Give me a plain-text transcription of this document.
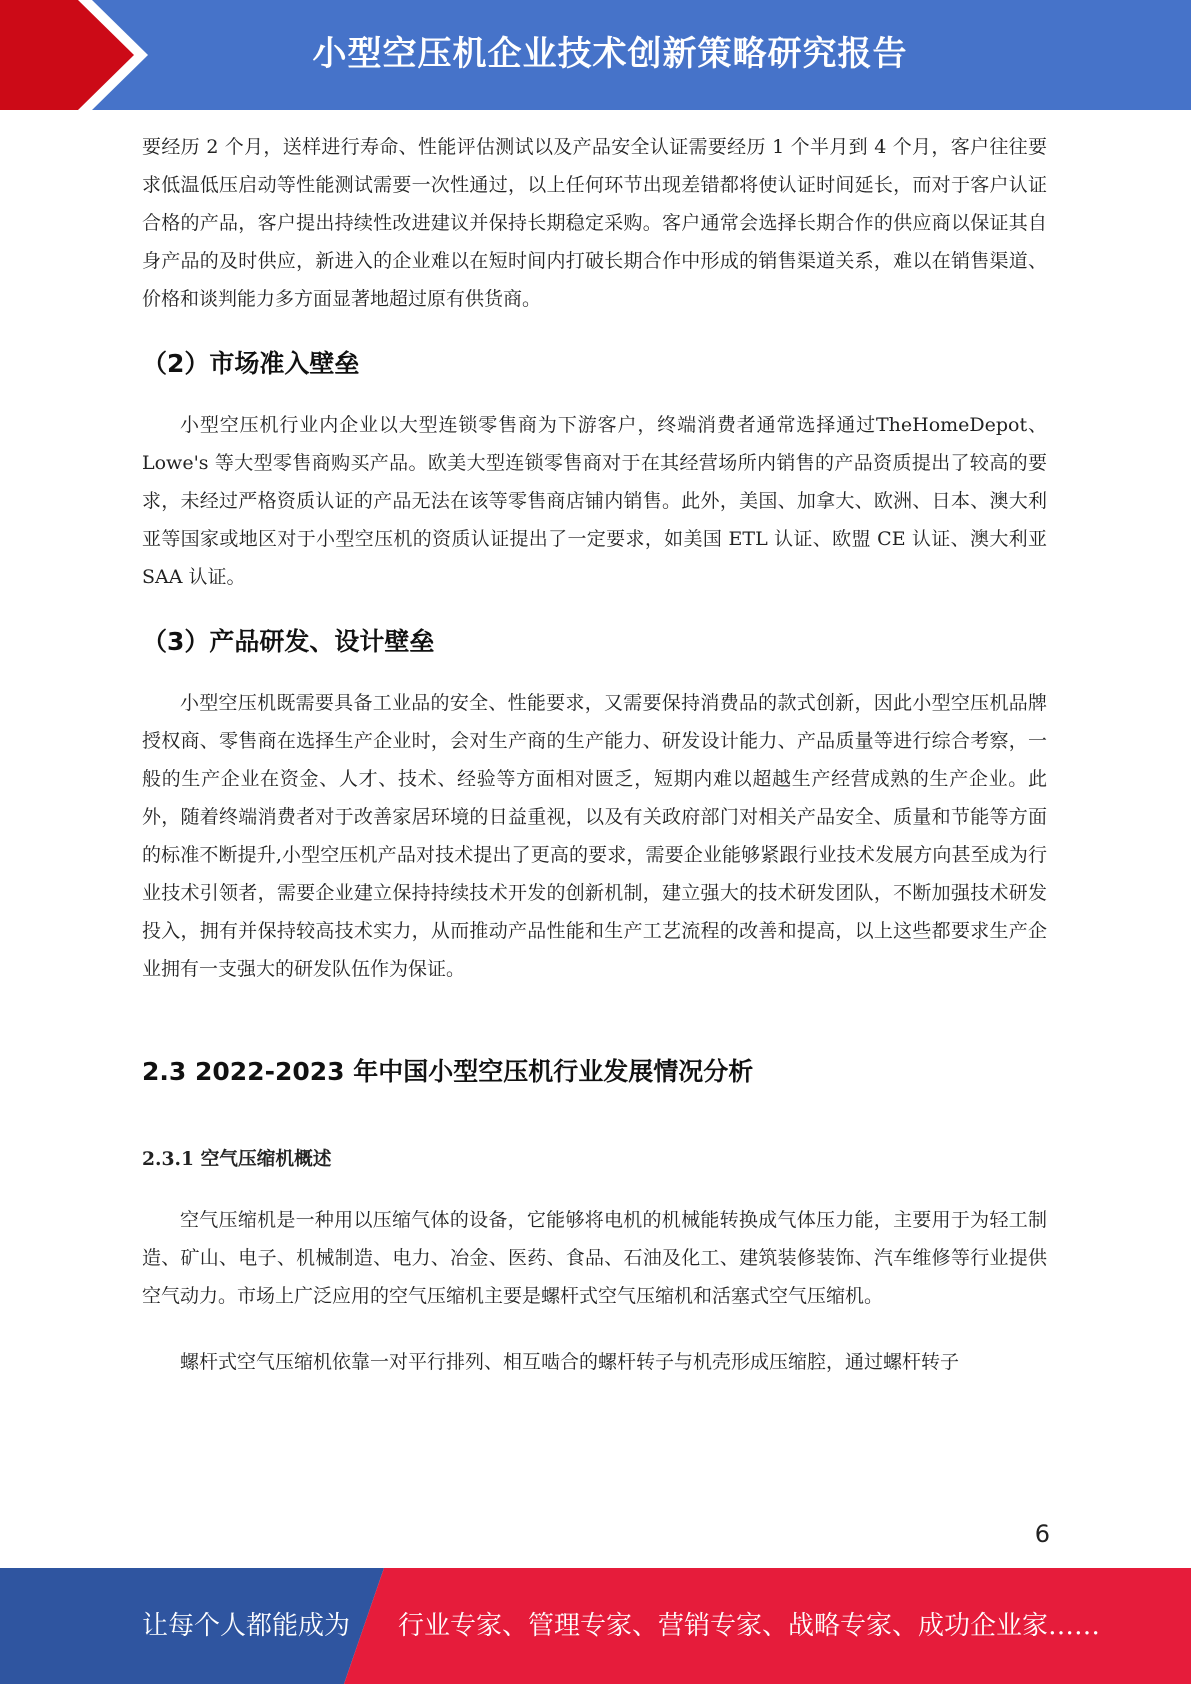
小型空压机企业技术创新策略研究报告

要经历 2 个月，送样进行寿命、性能评估测试以及产品安全认证需要经历 1 个半月到 4 个月，客户往往要求低温低压启动等性能测试需要一次性通过，以上任何环节出现差错都将使认证时间延长，而对于客户认证合格的产品，客户提出持续性改进建议并保持长期稳定采购。客户通常会选择长期合作的供应商以保证其自身产品的及时供应，新进入的企业难以在短时间内打破长期合作中形成的销售渠道关系，难以在销售渠道、价格和谈判能力多方面显著地超过原有供货商。

（2）市场准入壁垒

小型空压机行业内企业以大型连锁零售商为下游客户，终端消费者通常选择通过TheHomeDepot、Lowe's 等大型零售商购买产品。欧美大型连锁零售商对于在其经营场所内销售的产品资质提出了较高的要求，未经过严格资质认证的产品无法在该等零售商店铺内销售。此外，美国、加拿大、欧洲、日本、澳大利亚等国家或地区对于小型空压机的资质认证提出了一定要求，如美国 ETL 认证、欧盟 CE 认证、澳大利亚 SAA 认证。

（3）产品研发、设计壁垒

小型空压机既需要具备工业品的安全、性能要求，又需要保持消费品的款式创新，因此小型空压机品牌授权商、零售商在选择生产企业时，会对生产商的生产能力、研发设计能力、产品质量等进行综合考察，一般的生产企业在资金、人才、技术、经验等方面相对匮乏，短期内难以超越生产经营成熟的生产企业。此外，随着终端消费者对于改善家居环境的日益重视，以及有关政府部门对相关产品安全、质量和节能等方面的标准不断提升,小型空压机产品对技术提出了更高的要求，需要企业能够紧跟行业技术发展方向甚至成为行业技术引领者，需要企业建立保持持续技术开发的创新机制，建立强大的技术研发团队，不断加强技术研发投入，拥有并保持较高技术实力，从而推动产品性能和生产工艺流程的改善和提高，以上这些都要求生产企业拥有一支强大的研发队伍作为保证。

2.3 2022-2023 年中国小型空压机行业发展情况分析
2.3.1 空气压缩机概述

空气压缩机是一种用以压缩气体的设备，它能够将电机的机械能转换成气体压力能，主要用于为轻工制造、矿山、电子、机械制造、电力、冶金、医药、食品、石油及化工、建筑装修装饰、汽车维修等行业提供空气动力。市场上广泛应用的空气压缩机主要是螺杆式空气压缩机和活塞式空气压缩机。

螺杆式空气压缩机依靠一对平行排列、相互啮合的螺杆转子与机壳形成压缩腔，通过螺杆转子

6
让每个人都能成为 行业专家、管理专家、营销专家、战略专家、成功企业家……
